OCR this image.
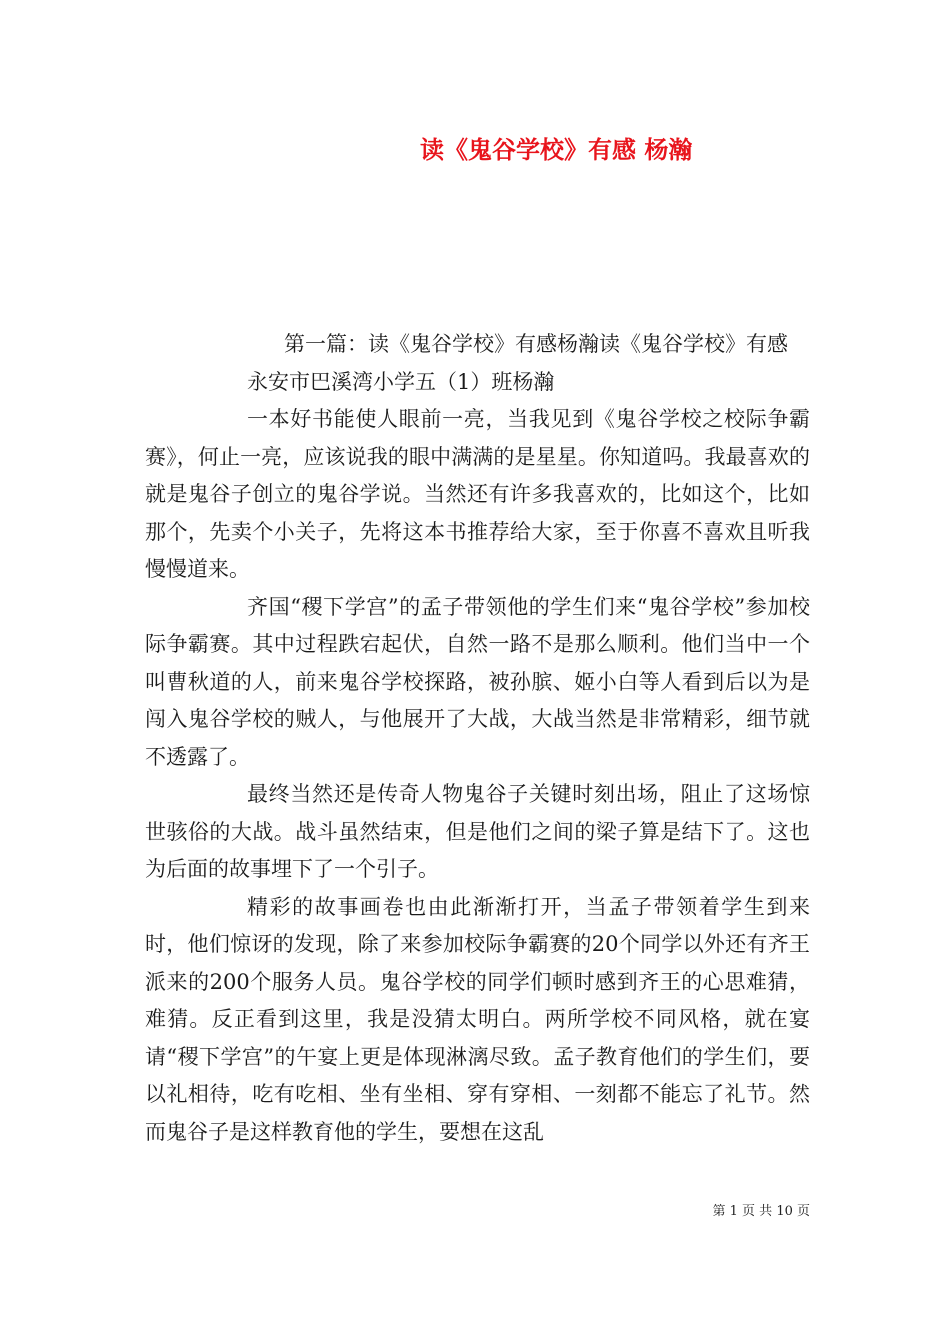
读《鬼谷学校》有感 杨瀚

第一篇：读《鬼谷学校》有感杨瀚读《鬼谷学校》有感

永安市巴溪湾小学五（1）班杨瀚

一本好书能使人眼前一亮，当我见到《鬼谷学校之校际争霸赛》，何止一亮，应该说我的眼中满满的是星星。你知道吗。我最喜欢的就是鬼谷子创立的鬼谷学说。当然还有许多我喜欢的，比如这个，比如那个，先卖个小关子，先将这本书推荐给大家，至于你喜不喜欢且听我慢慢道来。

齐国“稷下学宫”的孟子带领他的学生们来“鬼谷学校”参加校际争霸赛。其中过程跌宕起伏，自然一路不是那么顺利。他们当中一个叫曹秋道的人，前来鬼谷学校探路，被孙膑、姬小白等人看到后以为是闯入鬼谷学校的贼人，与他展开了大战，大战当然是非常精彩，细节就不透露了。

最终当然还是传奇人物鬼谷子关键时刻出场，阻止了这场惊世骇俗的大战。战斗虽然结束，但是他们之间的梁子算是结下了。这也为后面的故事埋下了一个引子。

精彩的故事画卷也由此渐渐打开，当孟子带领着学生到来时，他们惊讶的发现，除了来参加校际争霸赛的20个同学以外还有齐王派来的200个服务人员。鬼谷学校的同学们顿时感到齐王的心思难猜，难猜。反正看到这里，我是没猜太明白。两所学校不同风格，就在宴请“稷下学宫”的午宴上更是体现淋漓尽致。孟子教育他们的学生们，要以礼相待，吃有吃相、坐有坐相、穿有穿相、一刻都不能忘了礼节。然而鬼谷子是这样教育他的学生，要想在这乱

第 1 页 共 10 页
